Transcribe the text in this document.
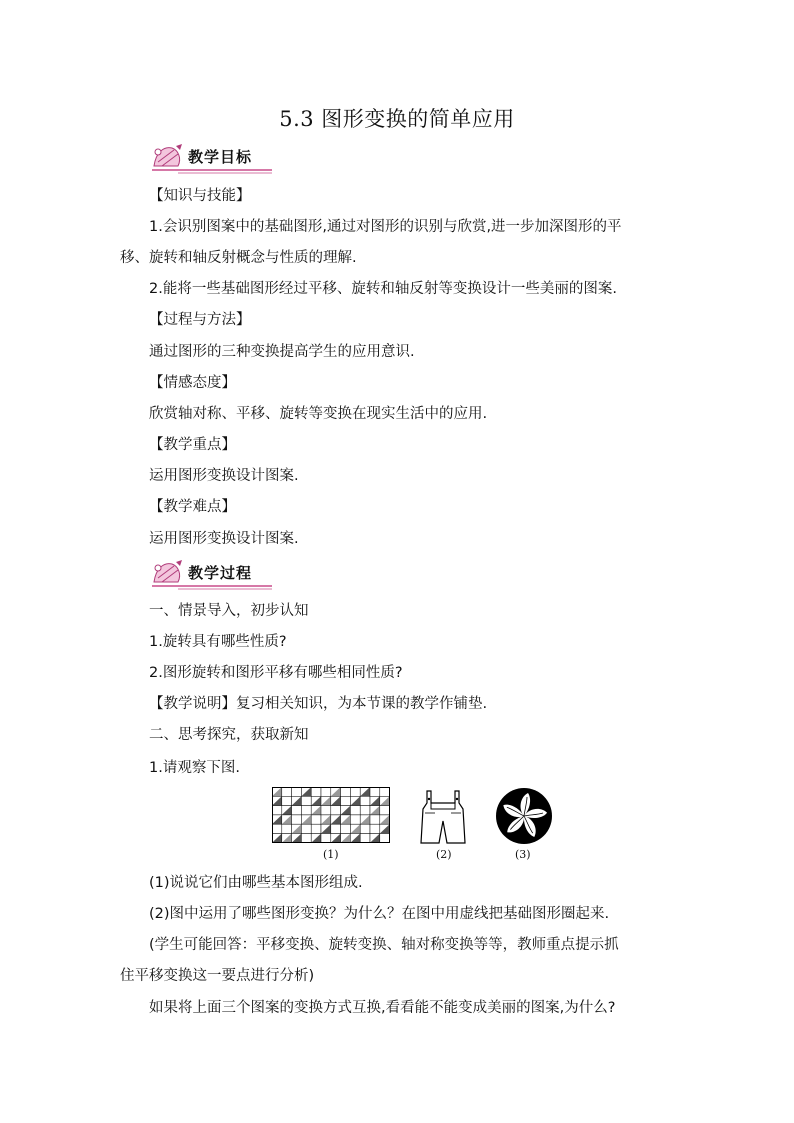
5.3 图形变换的简单应用
教学目标
【知识与技能】
1.会识别图案中的基础图形,通过对图形的识别与欣赏,进一步加深图形的平
移、旋转和轴反射概念与性质的理解.
2.能将一些基础图形经过平移、旋转和轴反射等变换设计一些美丽的图案.
【过程与方法】
通过图形的三种变换提高学生的应用意识.
【情感态度】
欣赏轴对称、平移、旋转等变换在现实生活中的应用.
【教学重点】
运用图形变换设计图案.
【教学难点】
运用图形变换设计图案.
教学过程
一、情景导入，初步认知
1.旋转具有哪些性质?
2.图形旋转和图形平移有哪些相同性质?
【教学说明】复习相关知识，为本节课的教学作铺垫.
二、思考探究，获取新知
1.请观察下图.
(1)	(2)	(3)
(1)说说它们由哪些基本图形组成.
(2)图中运用了哪些图形变换？为什么？在图中用虚线把基础图形圈起来.
(学生可能回答：平移变换、旋转变换、轴对称变换等等，教师重点提示抓
住平移变换这一要点进行分析)
如果将上面三个图案的变换方式互换,看看能不能变成美丽的图案,为什么?
